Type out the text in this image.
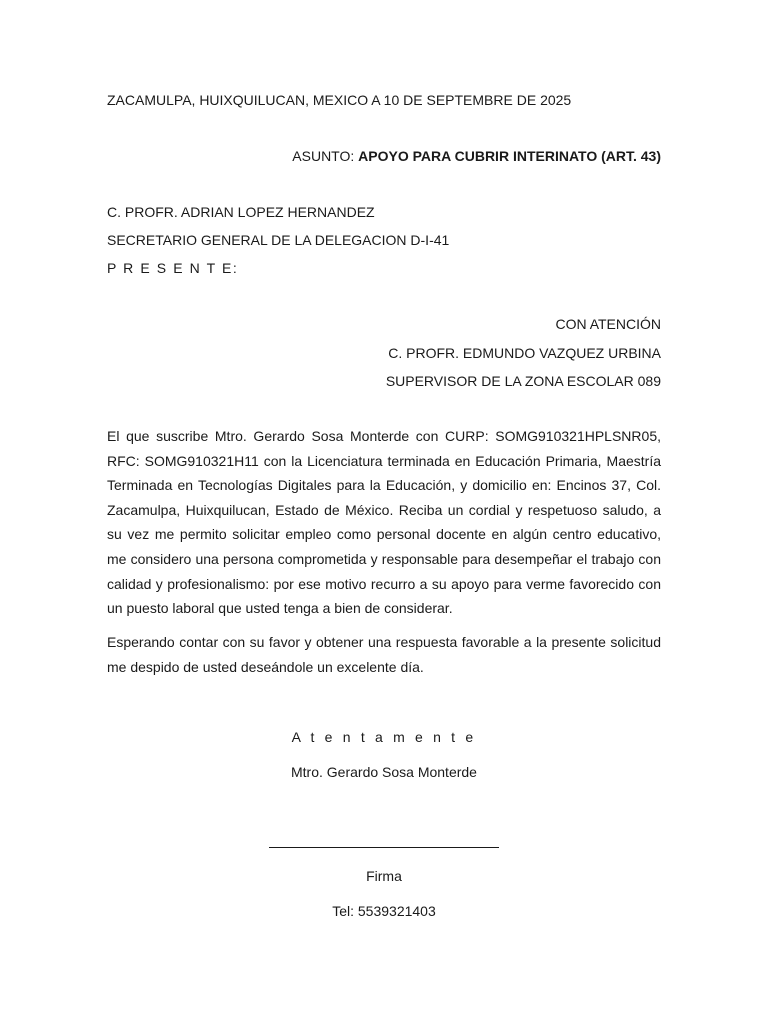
ZACAMULPA, HUIXQUILUCAN, MEXICO A 10 DE SEPTEMBRE DE 2025
ASUNTO: APOYO PARA CUBRIR INTERINATO (ART. 43)
C. PROFR. ADRIAN LOPEZ HERNANDEZ
SECRETARIO GENERAL DE LA DELEGACION D-I-41
P R E S E N T E:
CON ATENCIÓN
C. PROFR. EDMUNDO VAZQUEZ URBINA
SUPERVISOR DE LA ZONA ESCOLAR 089
El que suscribe Mtro. Gerardo Sosa Monterde con CURP: SOMG910321HPLSNR05, RFC: SOMG910321H11 con la Licenciatura terminada en Educación Primaria, Maestría Terminada en Tecnologías Digitales para la Educación, y domicilio en: Encinos 37, Col. Zacamulpa, Huixquilucan, Estado de México. Reciba un cordial y respetuoso saludo, a su vez me permito solicitar empleo como personal docente en algún centro educativo, me considero una persona comprometida y responsable para desempeñar el trabajo con calidad y profesionalismo: por ese motivo recurro a su apoyo para verme favorecido con un puesto laboral que usted tenga a bien de considerar.
Esperando contar con su favor y obtener una respuesta favorable a la presente solicitud me despido de usted deseándole un excelente día.
A t e n t a m e n t e
Mtro. Gerardo Sosa Monterde
Firma
Tel: 5539321403
